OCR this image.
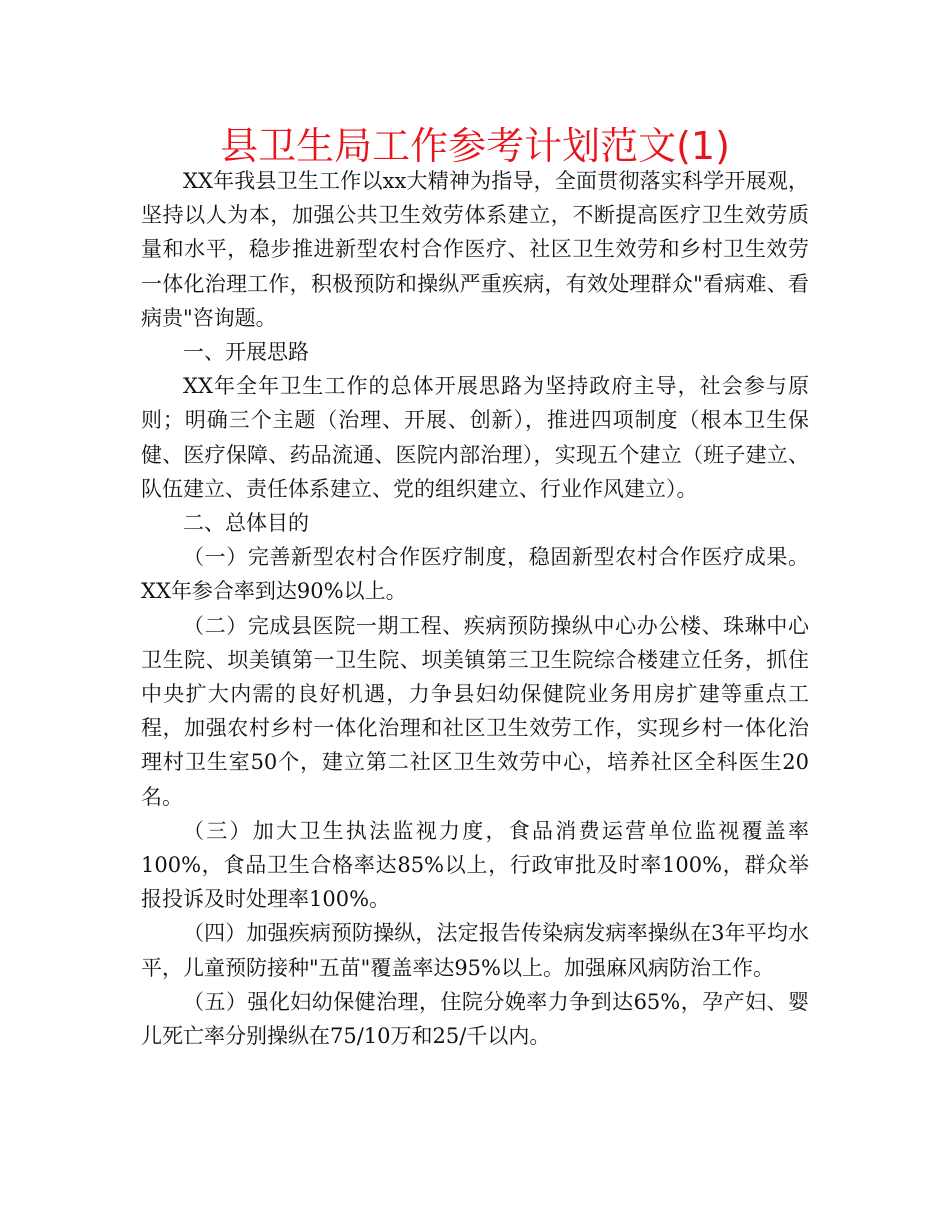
县卫生局工作参考计划范文(1)

XX年我县卫生工作以xx大精神为指导，全面贯彻落实科学开展观，坚持以人为本，加强公共卫生效劳体系建立，不断提高医疗卫生效劳质量和水平，稳步推进新型农村合作医疗、社区卫生效劳和乡村卫生效劳一体化治理工作，积极预防和操纵严重疾病，有效处理群众"看病难、看病贵"咨询题。

一、开展思路

XX年全年卫生工作的总体开展思路为坚持政府主导，社会参与原则；明确三个主题（治理、开展、创新），推进四项制度（根本卫生保健、医疗保障、药品流通、医院内部治理），实现五个建立（班子建立、队伍建立、责任体系建立、党的组织建立、行业作风建立）。

二、总体目的

（一）完善新型农村合作医疗制度，稳固新型农村合作医疗成果。XX年参合率到达90%以上。

（二）完成县医院一期工程、疾病预防操纵中心办公楼、珠琳中心卫生院、坝美镇第一卫生院、坝美镇第三卫生院综合楼建立任务，抓住中央扩大内需的良好机遇，力争县妇幼保健院业务用房扩建等重点工程，加强农村乡村一体化治理和社区卫生效劳工作，实现乡村一体化治理村卫生室50个，建立第二社区卫生效劳中心，培养社区全科医生20名。

（三）加大卫生执法监视力度，食品消费运营单位监视覆盖率100%，食品卫生合格率达85%以上，行政审批及时率100%，群众举报投诉及时处理率100%。

（四）加强疾病预防操纵，法定报告传染病发病率操纵在3年平均水平，儿童预防接种"五苗"覆盖率达95%以上。加强麻风病防治工作。

（五）强化妇幼保健治理，住院分娩率力争到达65%，孕产妇、婴儿死亡率分别操纵在75/10万和25/千以内。
